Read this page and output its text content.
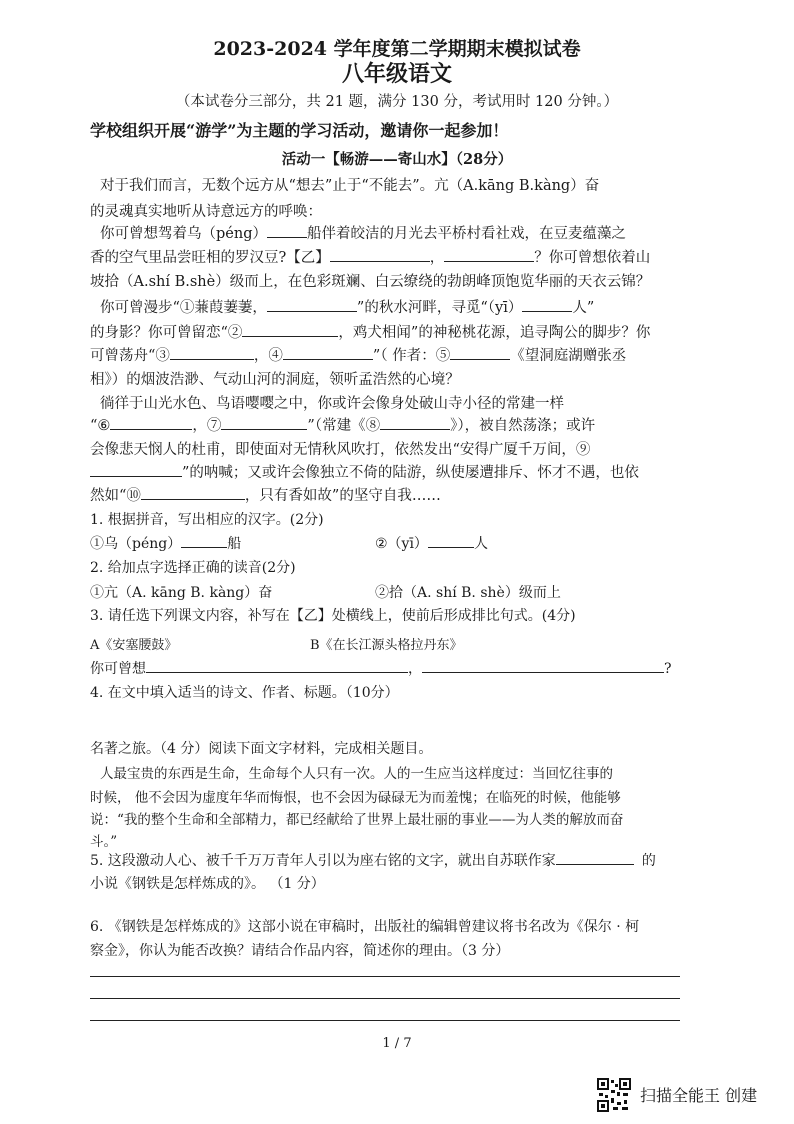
2023-2024 学年度第二学期期末模拟试卷
八年级语文
（本试卷分三部分，共 21 题，满分 130 分，考试用时 120 分钟。）
学校组织开展“游学”为主题的学习活动，邀请你一起参加！
活动一【畅游——寄山水】（28分）
对于我们而言，无数个远方从“想去”止于“不能去”。亢（A.kāng B.kàng）奋
的灵魂真实地听从诗意远方的呼唤：
你可曾想驾着乌（péng）	船伴着皎洁的月光去平桥村看社戏，在豆麦蕴藻之
香的空气里品尝旺相的罗汉豆?【乙】	，	？你可曾想依着山
坡拾（A.shí B.shè）级而上，在色彩斑斓、白云缭绕的勃朗峰顶饱览华丽的天衣云锦？
你可曾漫步“①蒹葭萋萋，	”的秋水河畔，寻觅“（yī）	人”
的身影？你可曾留恋“②	，鸡犬相闻”的神秘桃花源，追寻陶公的脚步？你
可曾荡舟“③	，④	”（ 作者：⑤	《望洞庭湖赠张丞
相》）的烟波浩渺、气动山河的洞庭，领听孟浩然的心境？
徜徉于山光水色、鸟语嘤嘤之中，你或许会像身处破山寺小径的常建一样
“⑥	，⑦	”（常建《⑧	》），被自然荡涤；或许
会像悲天悯人的杜甫，即使面对无情秋风吹打，依然发出“安得广厦千万间，⑨
”的呐喊；又或许会像独立不倚的陆游，纵使屡遭排斥、怀才不遇，也依
然如“⑩	，只有香如故”的坚守自我……
1. 根据拼音，写出相应的汉字。(2分)
①乌（péng）	船	②（yī）	人
2. 给加点字选择正确的读音(2分)
①亢（A. kāng B. kàng）奋	②拾（A. shí B. shè）级而上
3. 请任选下列课文内容，补写在【乙】处横线上，使前后形成排比句式。(4分)
A《安塞腰鼓》	B《在长江源头格拉丹东》
你可曾想	，	?
4. 在文中填入适当的诗文、作者、标题。（10分）
名著之旅。（4 分）阅读下面文字材料，完成相关题目。
人最宝贵的东西是生命，生命每个人只有一次。人的一生应当这样度过：当回忆往事的
时候， 他不会因为虚度年华而悔恨，也不会因为碌碌无为而羞愧；在临死的时候，他能够
说：“我的整个生命和全部精力，都已经献给了世界上最壮丽的事业——为人类的解放而奋
斗。”
5. 这段激动人心、被千千万万青年人引以为座右铭的文字，就出自苏联作家	的
小说《钢铁是怎样炼成的》。 （1 分）
6. 《钢铁是怎样炼成的》这部小说在审稿时，出版社的编辑曾建议将书名改为《保尔 · 柯
察金》，你认为能否改换？请结合作品内容，简述你的理由。（3 分）
1 / 7
扫描全能王 创建
